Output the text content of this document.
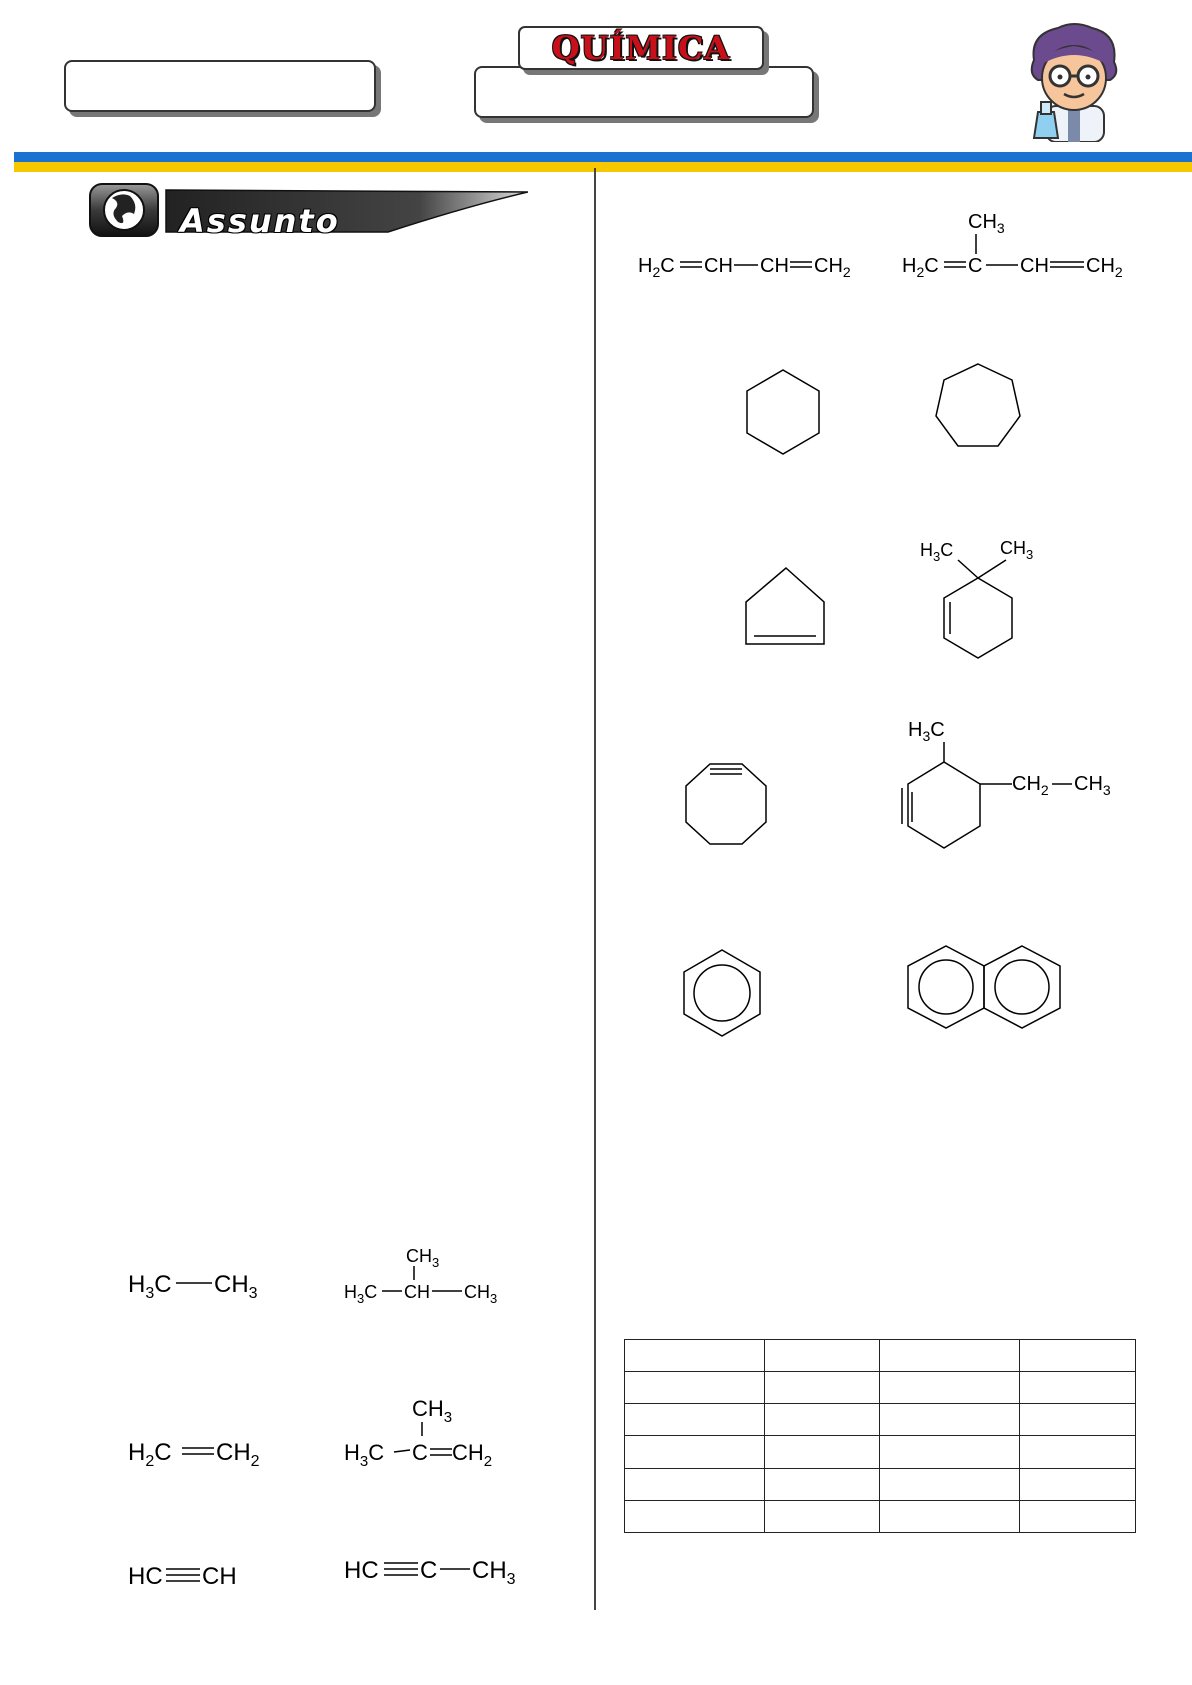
QUÍMICA
Assunto
$H_3C$ $CH_3$
$CH_3$
$H_3C$ CH $CH_3$
$H_2C$ $CH_2$
$CH_3$
$H_3C$ C $CH_2$
HC CH	HC C $CH_3$
$H_2C$ CH CH $CH_2$
$CH_3$
$H_2C$ C CH $CH_2$
$H_3C$	$CH_3$
$H_3C$
$CH_2$ $CH_3$
